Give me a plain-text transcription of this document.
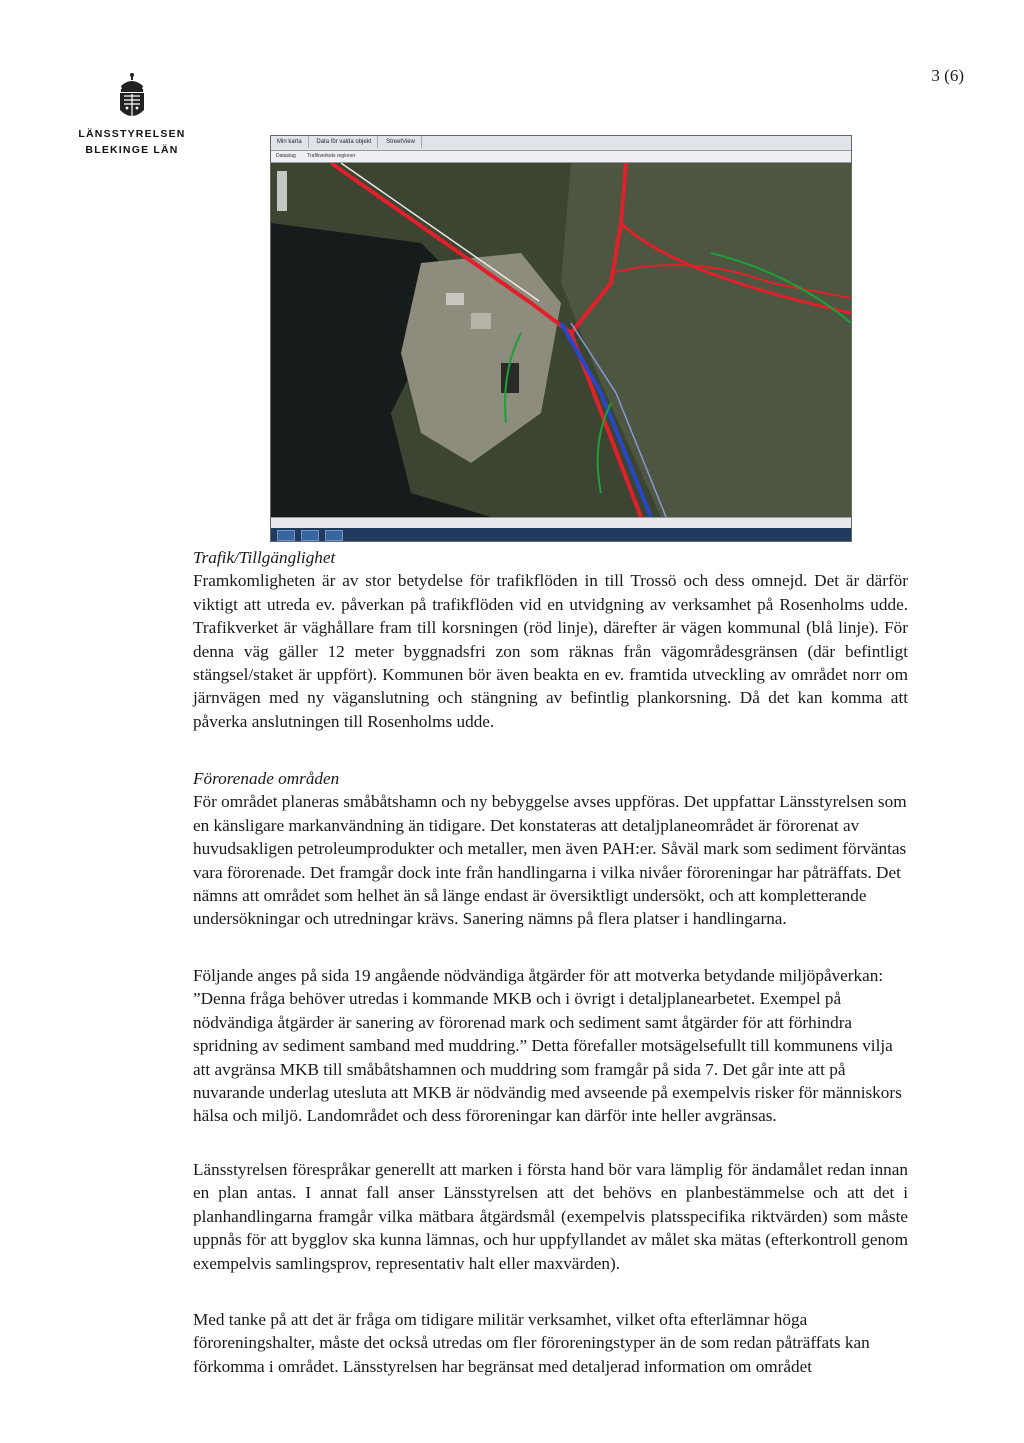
3 (6)
LÄNSSTYRELSEN
BLEKINGE LÄN
Min karta Data för valda objekt StreetView
Dataslag Trafikverkets regioner

Trafik/Tillgänglighet

Framkomligheten är av stor betydelse för trafikflöden in till Trossö och dess omnejd. Det är därför viktigt att utreda ev. påverkan på trafikflöden vid en utvidgning av verksamhet på Rosenholms udde. Trafikverket är väghållare fram till korsningen (röd linje), därefter är vägen kommunal (blå linje). För denna väg gäller 12 meter byggnadsfri zon som räknas från vägområdesgränsen (där befintligt stängsel/staket är uppfört). Kommunen bör även beakta en ev. framtida utveckling av området norr om järnvägen med ny väganslutning och stängning av befintlig plankorsning. Då det kan komma att påverka anslutningen till Rosenholms udde.

Förorenade områden

För området planeras småbåtshamn och ny bebyggelse avses uppföras. Det uppfattar Länsstyrelsen som en känsligare markanvändning än tidigare. Det konstateras att detaljplaneområdet är förorenat av huvudsakligen petroleumprodukter och metaller, men även PAH:er. Såväl mark som sediment förväntas vara förorenade. Det framgår dock inte från handlingarna i vilka nivåer föroreningar har påträffats. Det nämns att området som helhet än så länge endast är översiktligt undersökt, och att kompletterande undersökningar och utredningar krävs. Sanering nämns på flera platser i handlingarna.

Följande anges på sida 19 angående nödvändiga åtgärder för att motverka betydande miljöpåverkan: ”Denna fråga behöver utredas i kommande MKB och i övrigt i detaljplanearbetet. Exempel på nödvändiga åtgärder är sanering av förorenad mark och sediment samt åtgärder för att förhindra spridning av sediment samband med muddring.” Detta förefaller motsägelsefullt till kommunens vilja att avgränsa MKB till småbåtshamnen och muddring som framgår på sida 7. Det går inte att på nuvarande underlag utesluta att MKB är nödvändig med avseende på exempelvis risker för människors hälsa och miljö. Landområdet och dess föroreningar kan därför inte heller avgränsas.

Länsstyrelsen förespråkar generellt att marken i första hand bör vara lämplig för ändamålet redan innan en plan antas. I annat fall anser Länsstyrelsen att det behövs en planbestämmelse och att det i planhandlingarna framgår vilka mätbara åtgärdsmål (exempelvis platsspecifika riktvärden) som måste uppnås för att bygglov ska kunna lämnas, och hur uppfyllandet av målet ska mätas (efterkontroll genom exempelvis samlingsprov, representativ halt eller maxvärden).

Med tanke på att det är fråga om tidigare militär verksamhet, vilket ofta efterlämnar höga föroreningshalter, måste det också utredas om fler föroreningstyper än de som redan påträffats kan förkomma i området. Länsstyrelsen har begränsat med detaljerad information om området
